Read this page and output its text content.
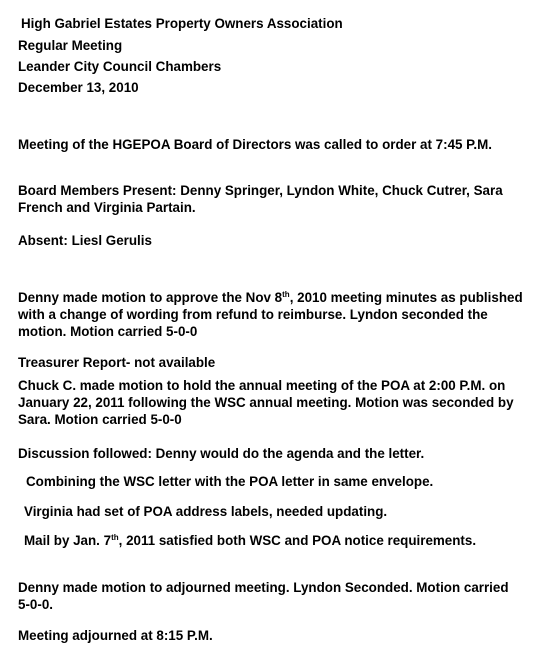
High Gabriel Estates Property Owners Association
Regular Meeting
Leander City Council Chambers
December 13, 2010
Meeting of the HGEPOA Board of Directors was called to order at 7:45 P.M.
Board Members Present: Denny Springer, Lyndon White, Chuck Cutrer, Sara French and Virginia Partain.
Absent: Liesl Gerulis
Denny made motion to approve the Nov 8th, 2010 meeting minutes as published with a change of wording from refund to reimburse. Lyndon seconded the motion. Motion carried 5-0-0
Treasurer Report- not available
Chuck C. made motion to hold the annual meeting of the POA at 2:00 P.M. on January 22, 2011 following the WSC annual meeting. Motion was seconded by Sara. Motion carried 5-0-0
Discussion followed: Denny would do the agenda and the letter.
Combining the WSC letter with the POA letter in same envelope.
Virginia had set of POA address labels, needed updating.
Mail by Jan. 7th, 2011 satisfied both WSC and POA notice requirements.
Denny made motion to adjourned meeting. Lyndon Seconded. Motion carried 5-0-0.
Meeting adjourned at 8:15 P.M.
